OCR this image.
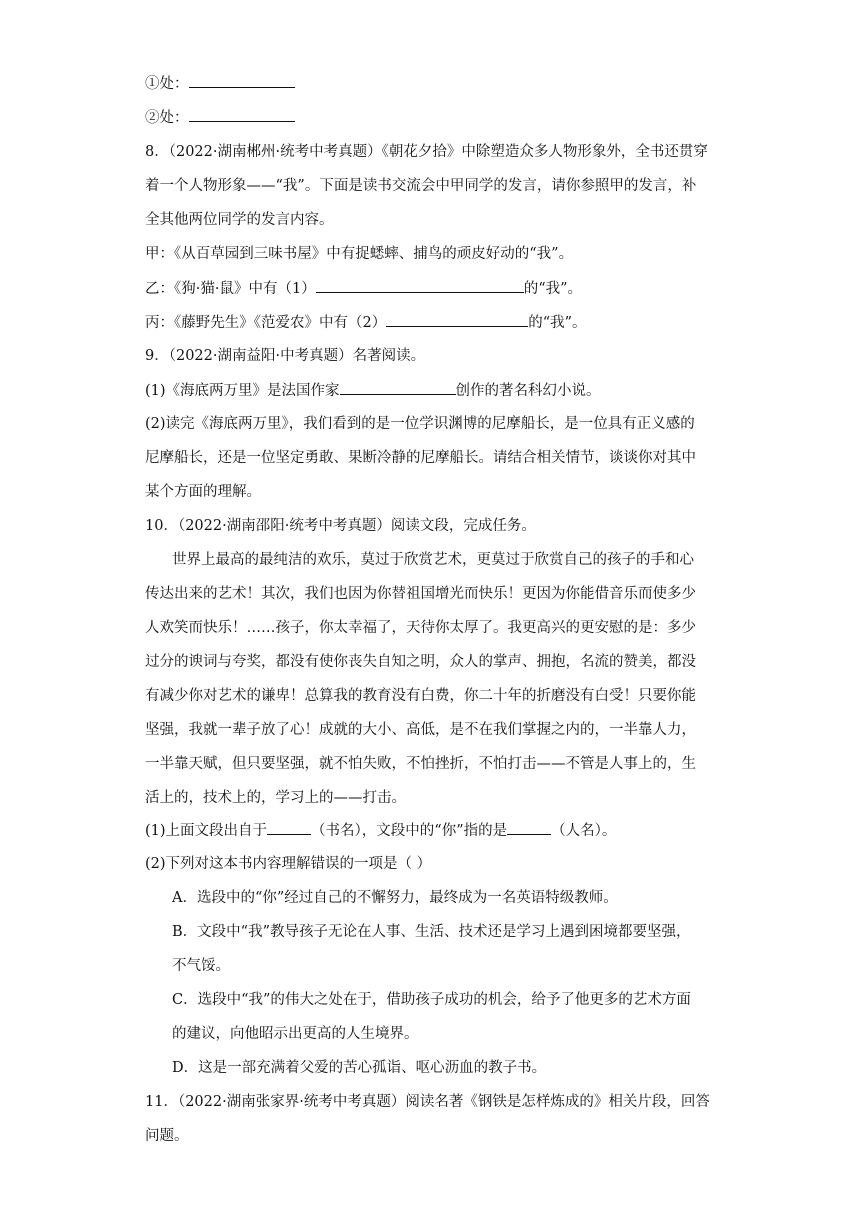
①处：
②处：
8．（2022·湖南郴州·统考中考真题）《朝花夕拾》中除塑造众多人物形象外，全书还贯穿
着一个人物形象——“我”。下面是读书交流会中甲同学的发言，请你参照甲的发言，补
全其他两位同学的发言内容。
甲：《从百草园到三味书屋》中有捉蟋蟀、捕鸟的顽皮好动的“我”。
乙：《狗·猫·鼠》中有（1）	的“我”。
丙：《藤野先生》《范爱农》中有（2）	的“我”。
9．（2022·湖南益阳·中考真题）名著阅读。
(1)《海底两万里》是法国作家	创作的著名科幻小说。
(2)读完《海底两万里》，我们看到的是一位学识渊博的尼摩船长，是一位具有正义感的
尼摩船长，还是一位坚定勇敢、果断冷静的尼摩船长。请结合相关情节，谈谈你对其中
某个方面的理解。
10．（2022·湖南邵阳·统考中考真题）阅读文段，完成任务。
世界上最高的最纯洁的欢乐，莫过于欣赏艺术，更莫过于欣赏自己的孩子的手和心
传达出来的艺术！其次，我们也因为你替祖国增光而快乐！更因为你能借音乐而使多少
人欢笑而快乐！……孩子，你太幸福了，天待你太厚了。我更高兴的更安慰的是：多少
过分的谀词与夸奖，都没有使你丧失自知之明，众人的掌声、拥抱，名流的赞美，都没
有减少你对艺术的谦卑！总算我的教育没有白费，你二十年的折磨没有白受！只要你能
坚强，我就一辈子放了心！成就的大小、高低，是不在我们掌握之内的，一半靠人力，
一半靠天赋，但只要坚强，就不怕失败，不怕挫折，不怕打击——不管是人事上的，生
活上的，技术上的，学习上的——打击。
(1)上面文段出自于	（书名），文段中的“你”指的是	（人名）。
(2)下列对这本书内容理解错误的一项是（ ）
A．选段中的“你”经过自己的不懈努力，最终成为一名英语特级教师。
B．文段中“我”教导孩子无论在人事、生活、技术还是学习上遇到困境都要坚强，
不气馁。
C．选段中“我”的伟大之处在于，借助孩子成功的机会，给予了他更多的艺术方面
的建议，向他昭示出更高的人生境界。
D．这是一部充满着父爱的苦心孤诣、呕心沥血的教子书。
11．（2022·湖南张家界·统考中考真题）阅读名著《钢铁是怎样炼成的》相关片段，回答
问题。
